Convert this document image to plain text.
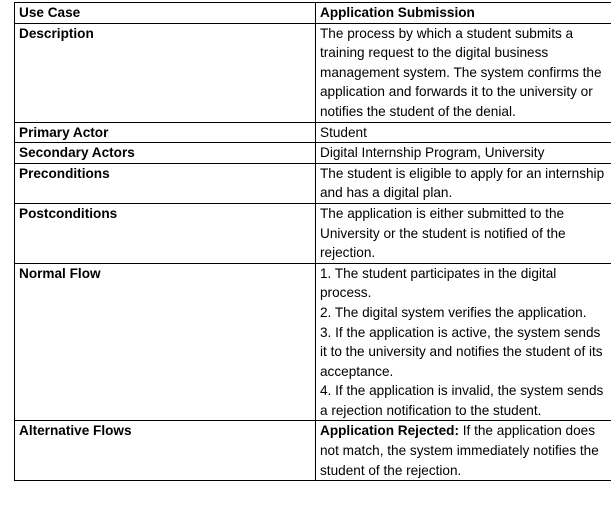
Use Case	Application Submission
Description	The process by which a student submits a training request to the digital business management system. The system confirms the application and forwards it to the university or notifies the student of the denial.
Primary Actor	Student
Secondary Actors	Digital Internship Program, University
Preconditions	The student is eligible to apply for an internship and has a digital plan.
Postconditions	The application is either submitted to the University or the student is notified of the rejection.
Normal Flow	1. The student participates in the digital process.
2. The digital system verifies the application.
3. If the application is active, the system sends it to the university and notifies the student of its acceptance.
4. If the application is invalid, the system sends a rejection notification to the student.

Alternative Flows	Application Rejected: If the application does not match, the system immediately notifies the student of the rejection.
